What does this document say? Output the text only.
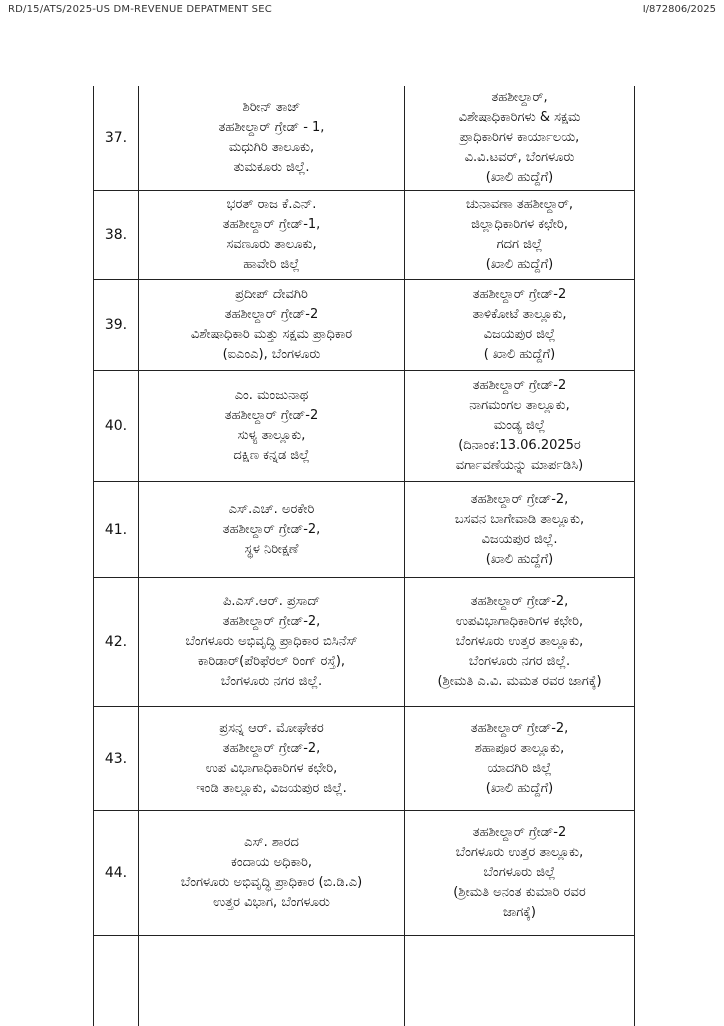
RD/15/ATS/2025-US DM-REVENUE DEPATMENT SEC	I/872806/2025
37.
ಶಿರೀನ್ ತಾಜ್
ತಹಶೀಲ್ದಾರ್ ಗ್ರೇಡ್ - 1,
ಮಧುಗಿರಿ ತಾಲೂಕು,
ತುಮಕೂರು ಜಿಲ್ಲೆ.
ತಹಶೀಲ್ದಾರ್,
ವಿಶೇಷಾಧಿಕಾರಿಗಳು & ಸಕ್ಷಮ
ಪ್ರಾಧಿಕಾರಿಗಳ ಕಾರ್ಯಾಲಯ,
ವಿ.ವಿ.ಟವರ್, ಬೆಂಗಳೂರು
(ಖಾಲಿ ಹುದ್ದೆಗೆ)
38.
ಭರತ್ ರಾಜ ಕೆ.ಎನ್.
ತಹಶೀಲ್ದಾರ್ ಗ್ರೇಡ್-1,
ಸವಣೂರು ತಾಲೂಕು,
ಹಾವೇರಿ ಜಿಲ್ಲೆ
ಚುನಾವಣಾ ತಹಶೀಲ್ದಾರ್,
ಜಿಲ್ಲಾಧಿಕಾರಿಗಳ ಕಛೇರಿ,
ಗದಗ ಜಿಲ್ಲೆ
(ಖಾಲಿ ಹುದ್ದೆಗೆ)
39.
ಪ್ರದೀಪ್ ದೇವಗಿರಿ
ತಹಶೀಲ್ದಾರ್ ಗ್ರೇಡ್-2
ವಿಶೇಷಾಧಿಕಾರಿ ಮತ್ತು ಸಕ್ಷಮ ಪ್ರಾಧಿಕಾರ
(ಐಎಂಎ), ಬೆಂಗಳೂರು
ತಹಶೀಲ್ದಾರ್ ಗ್ರೇಡ್-2
ತಾಳಿಕೋಟೆ ತಾಲ್ಲೂಕು,
ವಿಜಯಪುರ ಜಿಲ್ಲೆ
( ಖಾಲಿ ಹುದ್ದೆಗೆ)
40.
ಎಂ. ಮಂಜುನಾಥ
ತಹಶೀಲ್ದಾರ್ ಗ್ರೇಡ್-2
ಸುಳ್ಯ ತಾಲ್ಲೂಕು,
ದಕ್ಷಿಣ ಕನ್ನಡ ಜಿಲ್ಲೆ
ತಹಶೀಲ್ದಾರ್ ಗ್ರೇಡ್-2
ನಾಗಮಂಗಲ ತಾಲ್ಲೂಕು,
ಮಂಡ್ಯ ಜಿಲ್ಲೆ
(ದಿನಾಂಕ:13.06.2025ರ
ವರ್ಗಾವಣೆಯನ್ನು ಮಾರ್ಪಡಿಸಿ)
41.
ಎಸ್.ಎಚ್. ಅರಕೇರಿ
ತಹಶೀಲ್ದಾರ್ ಗ್ರೇಡ್-2,
ಸ್ಥಳ ನಿರೀಕ್ಷಣೆ
ತಹಶೀಲ್ದಾರ್ ಗ್ರೇಡ್-2,
ಬಸವನ ಬಾಗೇವಾಡಿ ತಾಲ್ಲೂಕು,
ವಿಜಯಪುರ ಜಿಲ್ಲೆ.
(ಖಾಲಿ ಹುದ್ದೆಗೆ)
42.
ಪಿ.ಎಸ್.ಆರ್. ಪ್ರಸಾದ್
ತಹಶೀಲ್ದಾರ್ ಗ್ರೇಡ್-2,
ಬೆಂಗಳೂರು ಅಭಿವೃದ್ಧಿ ಪ್ರಾಧಿಕಾರ ಬಿಸಿನೆಸ್
ಕಾರಿಡಾರ್(ಪೆರಿಫೆರಲ್ ರಿಂಗ್ ರಸ್ತೆ),
ಬೆಂಗಳೂರು ನಗರ ಜಿಲ್ಲೆ.
ತಹಶೀಲ್ದಾರ್ ಗ್ರೇಡ್-2,
ಉಪವಿಭಾಗಾಧಿಕಾರಿಗಳ ಕಛೇರಿ,
ಬೆಂಗಳೂರು ಉತ್ತರ ತಾಲ್ಲೂಕು,
ಬೆಂಗಳೂರು ನಗರ ಜಿಲ್ಲೆ.
(ಶ್ರೀಮತಿ ಎ.ವಿ. ಮಮತ ರವರ ಜಾಗಕ್ಕೆ)
43.
ಪ್ರಸನ್ನ ಆರ್. ಮೋಘೇಕರ
ತಹಶೀಲ್ದಾರ್ ಗ್ರೇಡ್-2,
ಉಪ ವಿಭಾಗಾಧಿಕಾರಿಗಳ ಕಛೇರಿ,
ಇಂಡಿ ತಾಲ್ಲೂಕು, ವಿಜಯಪುರ ಜಿಲ್ಲೆ.
ತಹಶೀಲ್ದಾರ್ ಗ್ರೇಡ್-2,
ಶಹಾಪೂರ ತಾಲ್ಲೂಕು,
ಯಾದಗಿರಿ ಜಿಲ್ಲೆ
(ಖಾಲಿ ಹುದ್ದೆಗೆ)
44.
ಎಸ್. ಶಾರದ
ಕಂದಾಯ ಅಧಿಕಾರಿ,
ಬೆಂಗಳೂರು ಅಭಿವೃದ್ಧಿ ಪ್ರಾಧಿಕಾರ (ಬಿ.ಡಿ.ಎ)
ಉತ್ತರ ವಿಭಾಗ, ಬೆಂಗಳೂರು
ತಹಶೀಲ್ದಾರ್ ಗ್ರೇಡ್-2
ಬೆಂಗಳೂರು ಉತ್ತರ ತಾಲ್ಲೂಕು,
ಬೆಂಗಳೂರು ಜಿಲ್ಲೆ
(ಶ್ರೀಮತಿ ಅನಂತ ಕುಮಾರಿ ರವರ
ಜಾಗಕ್ಕೆ)
